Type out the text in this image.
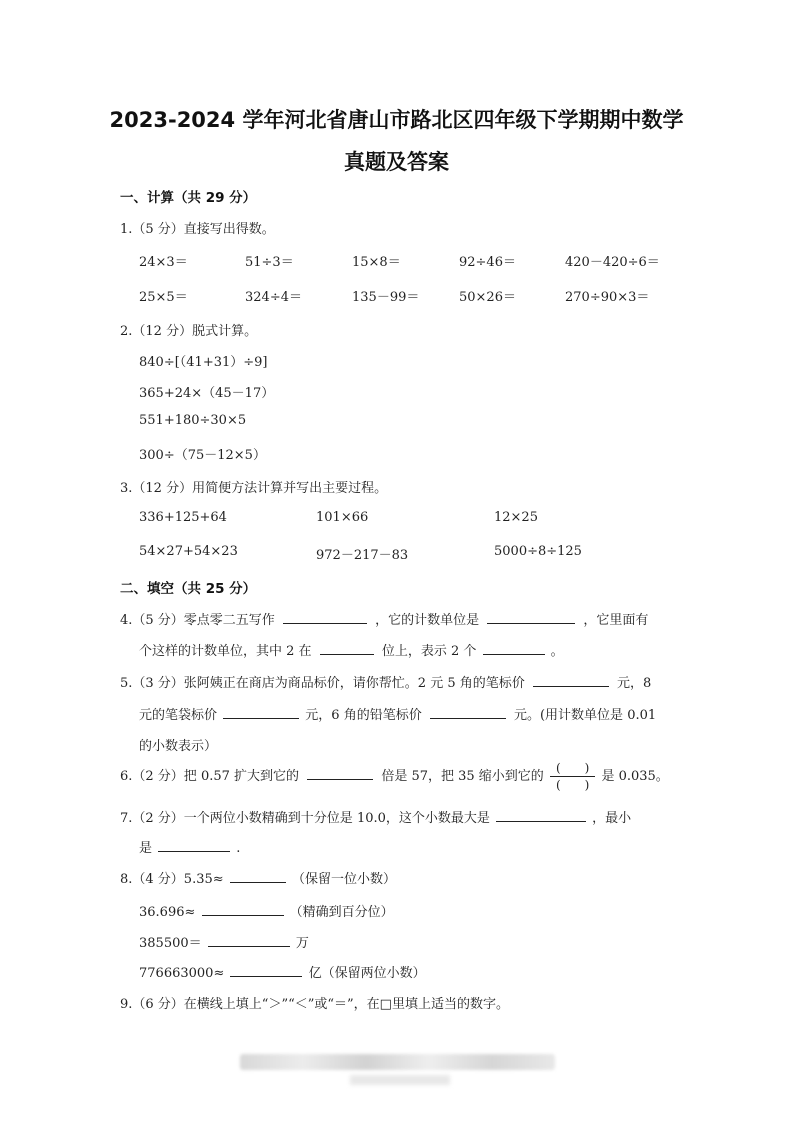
2023-2024 学年河北省唐山市路北区四年级下学期期中数学
真题及答案
一、计算（共 29 分）
1.（5 分）直接写出得数。
24×3＝	51÷3＝	15×8＝	92÷46＝	420－420÷6＝
25×5＝	324÷4＝	135－99＝	50×26＝	270÷90×3＝
2.（12 分）脱式计算。
840÷[（41+31）÷9]
365+24×（45－17）
551+180÷30×5
300÷（75－12×5）
3.（12 分）用简便方法计算并写出主要过程。
336+125+64	101×66	12×25
54×27+54×23	972－217－83	5000÷8÷125
二、填空（共 25 分）
4.（5 分）零点零二五写作	，它的计数单位是	，它里面有
个这样的计数单位，其中 2 在	位上，表示 2 个	。
5.（3 分）张阿姨正在商店为商品标价，请你帮忙。2 元 5 角的笔标价	元，8
元的笔袋标价	元，6 角的铅笔标价	元。(用计数单位是 0.01
的小数表示）
6.（2 分）把 0.57 扩大到它的	倍是 57，把 35 缩小到它的 $\frac{( )}{( )}$ 是 0.035。
7.（2 分）一个两位小数精确到十分位是 10.0，这个小数最大是	，最小
是	.
8.（4 分）5.35≈	（保留一位小数）
36.696≈	（精确到百分位）
385500＝	万
776663000≈	亿（保留两位小数）
9.（6 分）在横线上填上“＞”“＜”或“＝”，在□里填上适当的数字。
